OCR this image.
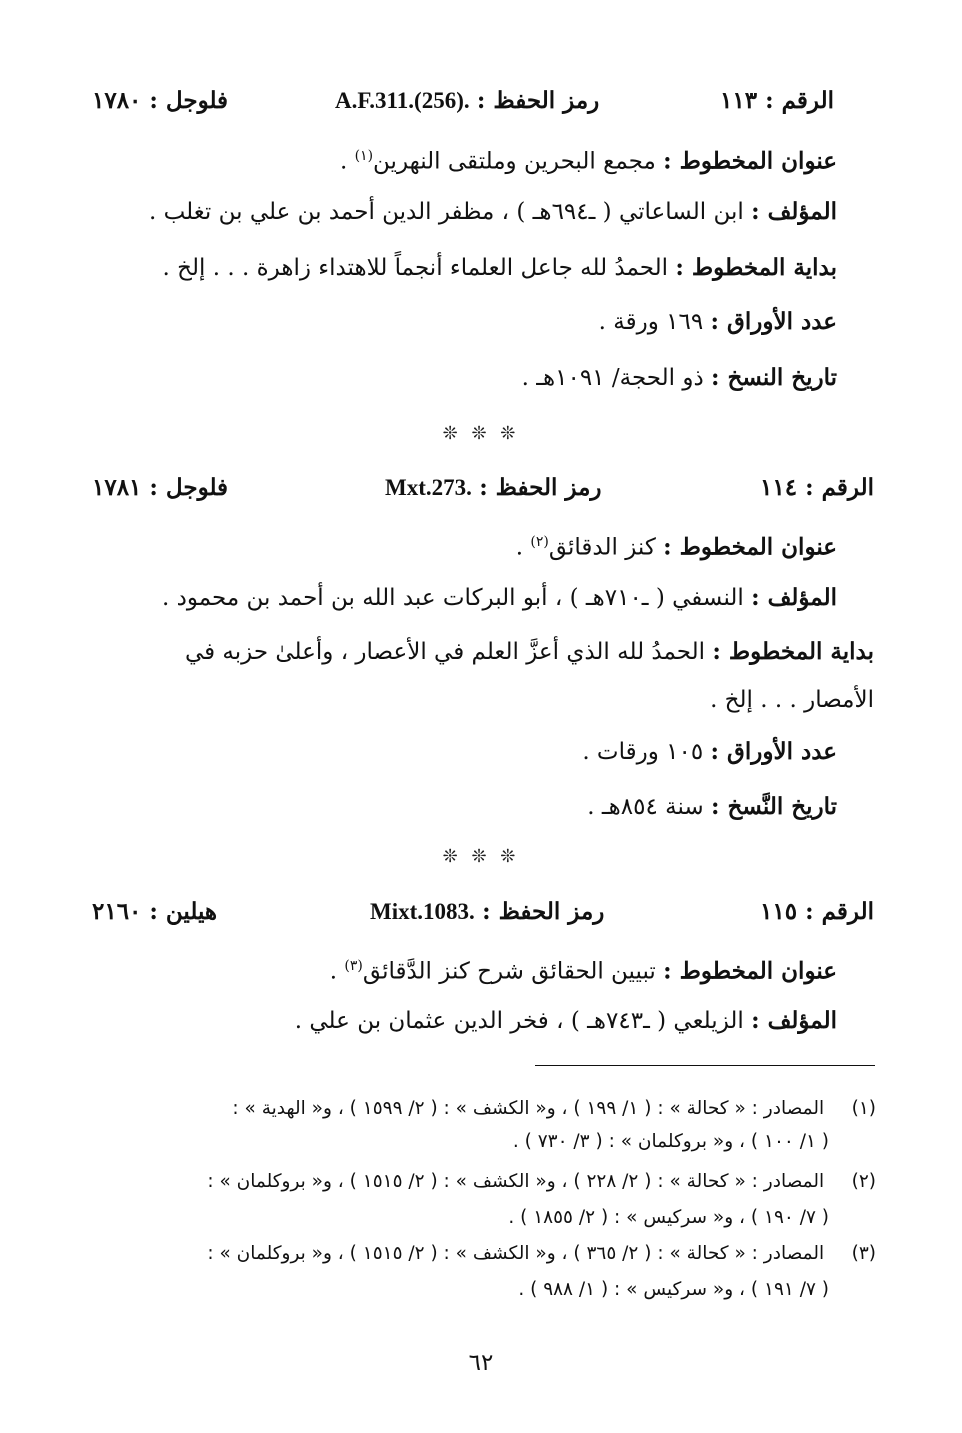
الرقم : ١١٣
رمز الحفظ : A.F.311.(256).
فلوجل : ١٧٨٠
عنوان المخطوط : مجمع البحرين وملتقى النهرين$^{(١)}$ .
المؤلف : ابن الساعاتي ( ـ٦٩٤هـ ) ، مظفر الدين أحمد بن علي بن تغلب .
بداية المخطوط : الحمدُ لله جاعل العلماء أنجماً للاهتداء زاهرة . . . إلخ .
عدد الأوراق : ١٦٩ ورقة .
تاريخ النسخ : ذو الحجة/ ١٠٩١هـ .
❊ ❊ ❊
الرقم : ١١٤
رمز الحفظ : Mxt.273.
فلوجل : ١٧٨١
عنوان المخطوط : كنز الدقائق$^{(٢)}$ .
المؤلف : النسفي ( ـ٧١٠هـ ) ، أبو البركات عبد الله بن أحمد بن محمود .
بداية المخطوط : الحمدُ لله الذي أعزَّ العلم في الأعصار ، وأعلىٰ حزبه في
الأمصار . . . إلخ .
عدد الأوراق : ١٠٥ ورقات .
تاريخ النَّسخ : سنة ٨٥٤هـ .
❊ ❊ ❊
الرقم : ١١٥
رمز الحفظ : Mixt.1083.
هيلين : ٢١٦٠
عنوان المخطوط : تبيين الحقائق شرح كنز الدَّقائق$^{(٣)}$ .
المؤلف : الزيلعي ( ـ٧٤٣هـ ) ، فخر الدين عثمان بن علي .
(١) المصادر : « كحالة » : ( ١/ ١٩٩ ) ، و« الكشف » : ( ٢/ ١٥٩٩ ) ، و« الهدية » :
( ١/ ١٠٠ ) ، و« بروكلمان » : ( ٣/ ٧٣٠ ) .
(٢) المصادر : « كحالة » : ( ٢/ ٢٢٨ ) ، و« الكشف » : ( ٢/ ١٥١٥ ) ، و« بروكلمان » :
( ٧/ ١٩٠ ) ، و« سركيس » : ( ٢/ ١٨٥٥ ) .
(٣) المصادر : « كحالة » : ( ٢/ ٣٦٥ ) ، و« الكشف » : ( ٢/ ١٥١٥ ) ، و« بروكلمان » :
( ٧/ ١٩١ ) ، و« سركيس » : ( ١/ ٩٨٨ ) .
٦٢
